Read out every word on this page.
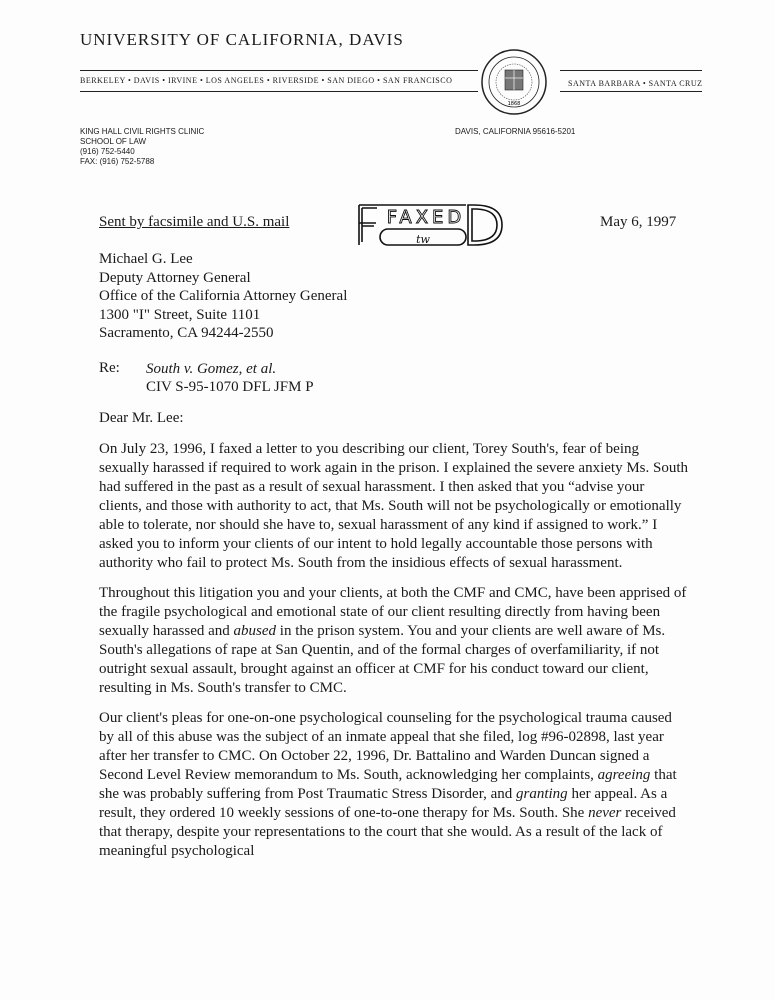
UNIVERSITY OF CALIFORNIA, DAVIS
BERKELEY • DAVIS • IRVINE • LOS ANGELES • RIVERSIDE • SAN DIEGO • SAN FRANCISCO	SANTA BARBARA • SANTA CRUZ
1868
KING HALL CIVIL RIGHTS CLINIC
SCHOOL OF LAW
(916) 752-5440
FAX: (916) 752-5788
DAVIS, CALIFORNIA 95616-5201
Sent by facsimile and U.S. mail	FAXED
tw
May 6, 1997
Michael G. Lee
Deputy Attorney General
Office of the California Attorney General
1300 "I" Street, Suite 1101
Sacramento, CA 94244-2550
Re: South v. Gomez, et al.
CIV S-95-1070 DFL JFM P
Dear Mr. Lee:

On July 23, 1996, I faxed a letter to you describing our client, Torey South's, fear of being sexually harassed if required to work again in the prison. I explained the severe anxiety Ms. South had suffered in the past as a result of sexual harassment. I then asked that you “advise your clients, and those with authority to act, that Ms. South will not be psychologically or emotionally able to tolerate, nor should she have to, sexual harassment of any kind if assigned to work.” I asked you to inform your clients of our intent to hold legally accountable those persons with authority who fail to protect Ms. South from the insidious effects of sexual harassment.

Throughout this litigation you and your clients, at both the CMF and CMC, have been apprised of the fragile psychological and emotional state of our client resulting directly from having been sexually harassed and abused in the prison system. You and your clients are well aware of Ms. South's allegations of rape at San Quentin, and of the formal charges of overfamiliarity, if not outright sexual assault, brought against an officer at CMF for his conduct toward our client, resulting in Ms. South's transfer to CMC.

Our client's pleas for one-on-one psychological counseling for the psychological trauma caused by all of this abuse was the subject of an inmate appeal that she filed, log #96-02898, last year after her transfer to CMC. On October 22, 1996, Dr. Battalino and Warden Duncan signed a Second Level Review memorandum to Ms. South, acknowledging her complaints, agreeing that she was probably suffering from Post Traumatic Stress Disorder, and granting her appeal. As a result, they ordered 10 weekly sessions of one-to-one therapy for Ms. South. She never received that therapy, despite your representations to the court that she would. As a result of the lack of meaningful psychological
